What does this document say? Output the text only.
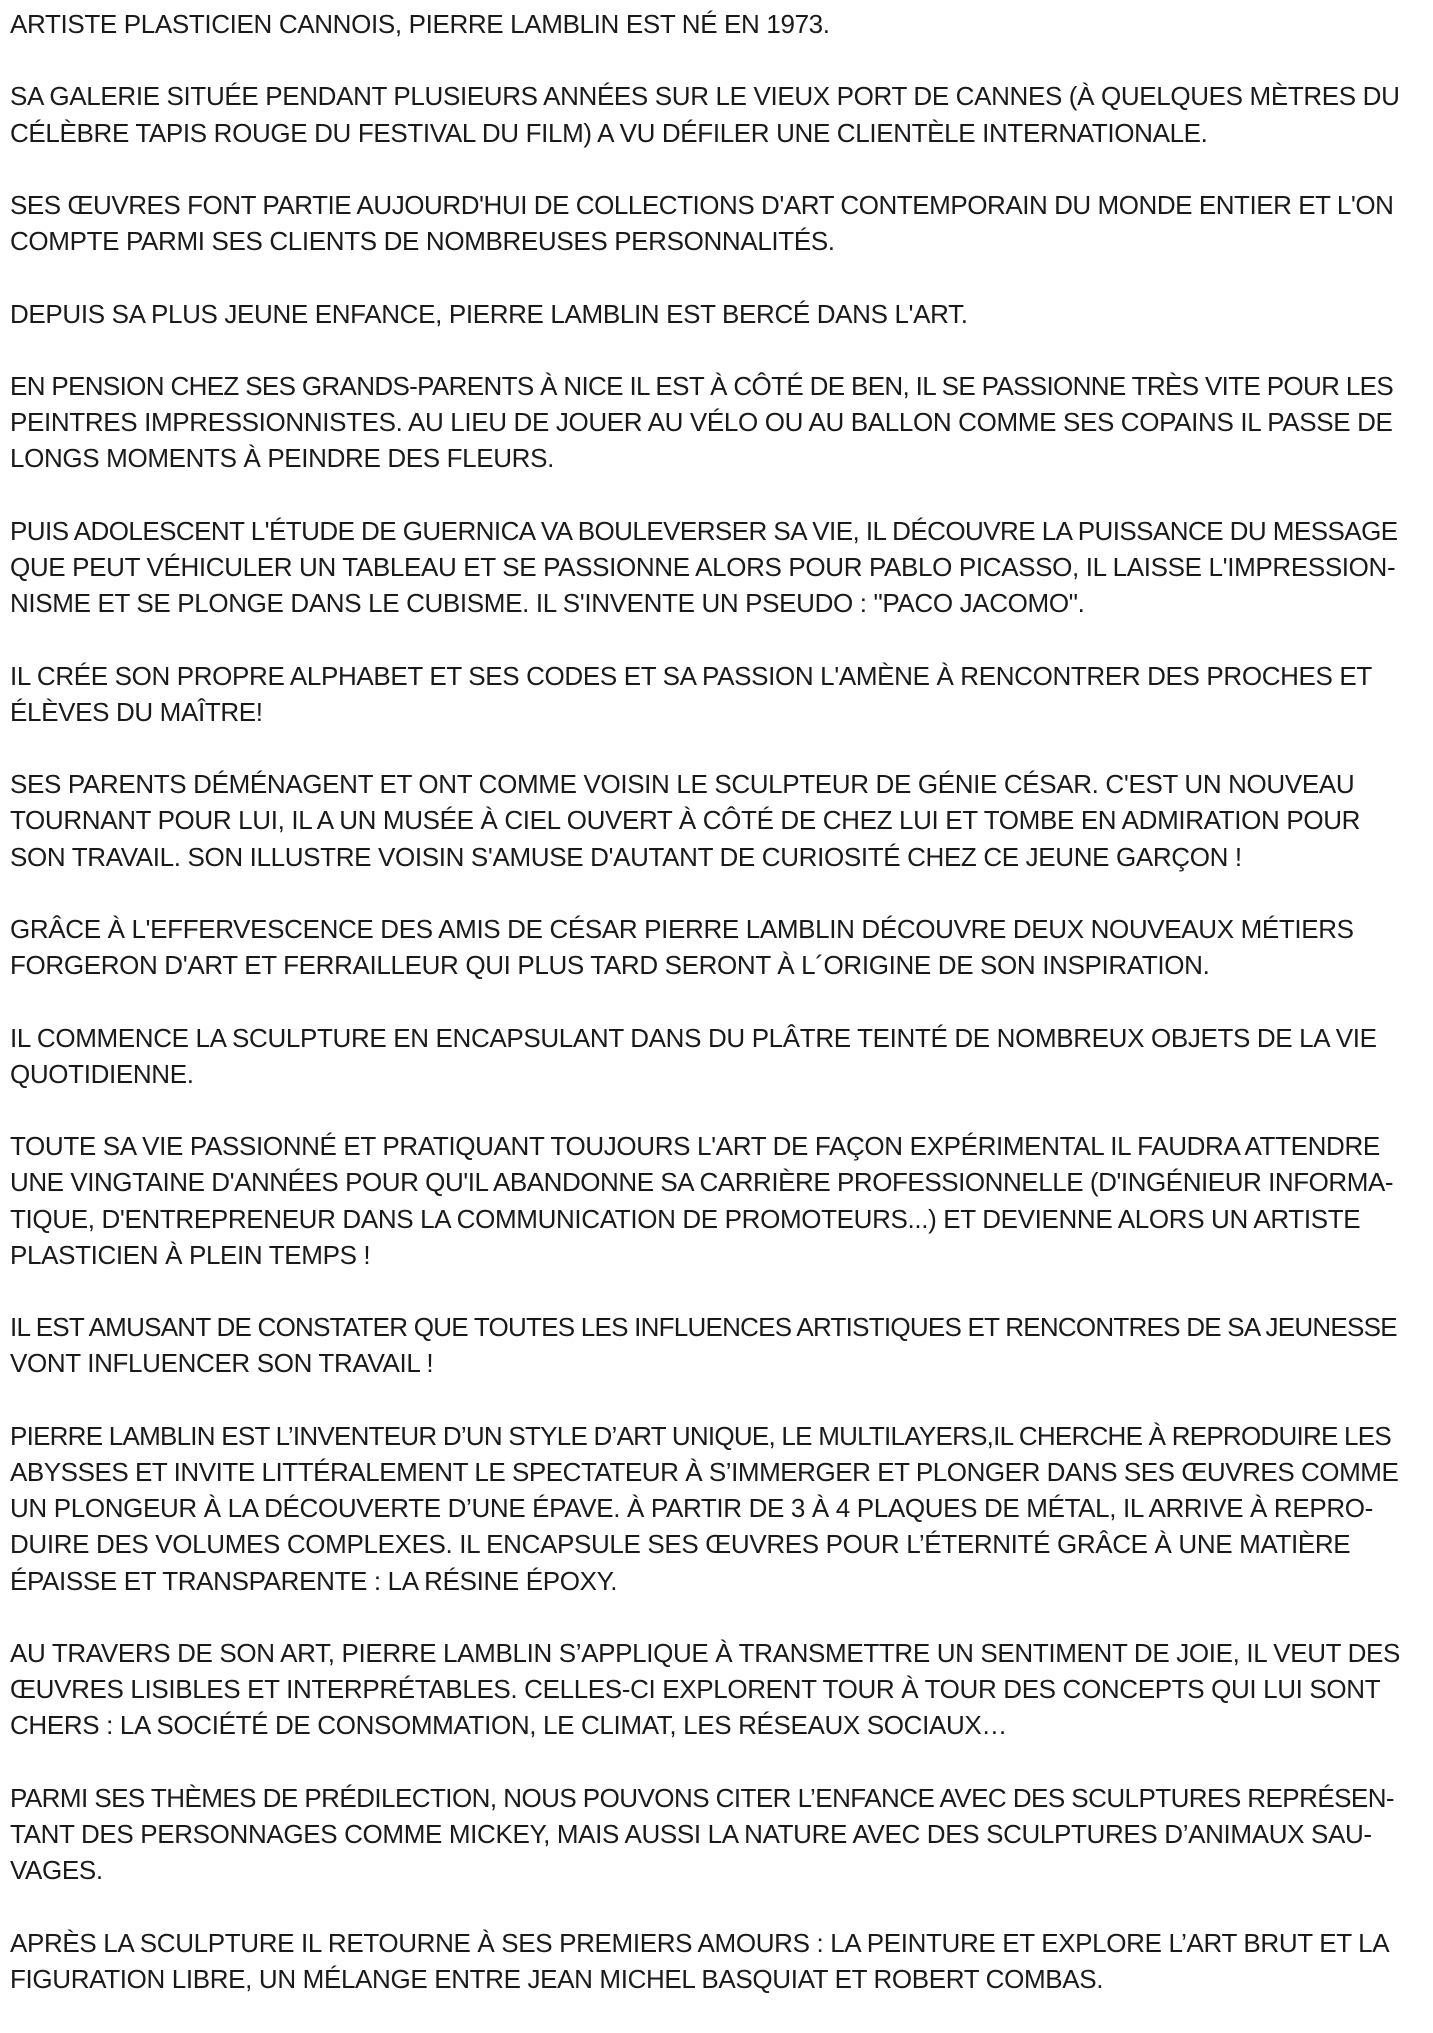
ARTISTE PLASTICIEN CANNOIS, PIERRE LAMBLIN EST NÉ EN 1973.

SA GALERIE SITUÉE PENDANT PLUSIEURS ANNÉES SUR LE VIEUX PORT DE CANNES (À QUELQUES MÈTRES DU
CÉLÈBRE TAPIS ROUGE DU FESTIVAL DU FILM) A VU DÉFILER UNE CLIENTÈLE INTERNATIONALE.

SES ŒUVRES FONT PARTIE AUJOURD'HUI DE COLLECTIONS D'ART CONTEMPORAIN DU MONDE ENTIER ET L'ON
COMPTE PARMI SES CLIENTS DE NOMBREUSES PERSONNALITÉS.

DEPUIS SA PLUS JEUNE ENFANCE, PIERRE LAMBLIN EST BERCÉ DANS L'ART.

EN PENSION CHEZ SES GRANDS-PARENTS À NICE IL EST À CÔTÉ DE BEN, IL SE PASSIONNE TRÈS VITE POUR LES
PEINTRES IMPRESSIONNISTES. AU LIEU DE JOUER AU VÉLO OU AU BALLON COMME SES COPAINS IL PASSE DE
LONGS MOMENTS À PEINDRE DES FLEURS.

PUIS ADOLESCENT L'ÉTUDE DE GUERNICA VA BOULEVERSER SA VIE, IL DÉCOUVRE LA PUISSANCE DU MESSAGE
QUE PEUT VÉHICULER UN TABLEAU ET SE PASSIONNE ALORS POUR PABLO PICASSO, IL LAISSE L'IMPRESSION-
NISME ET SE PLONGE DANS LE CUBISME. IL S'INVENTE UN PSEUDO : "PACO JACOMO".

IL CRÉE SON PROPRE ALPHABET ET SES CODES ET SA PASSION L'AMÈNE À RENCONTRER DES PROCHES ET
ÉLÈVES DU MAÎTRE!

SES PARENTS DÉMÉNAGENT ET ONT COMME VOISIN LE SCULPTEUR DE GÉNIE CÉSAR. C'EST UN NOUVEAU
TOURNANT POUR LUI, IL A UN MUSÉE À CIEL OUVERT À CÔTÉ DE CHEZ LUI ET TOMBE EN ADMIRATION POUR
SON TRAVAIL. SON ILLUSTRE VOISIN S'AMUSE D'AUTANT DE CURIOSITÉ CHEZ CE JEUNE GARÇON !

GRÂCE À L'EFFERVESCENCE DES AMIS DE CÉSAR PIERRE LAMBLIN DÉCOUVRE DEUX NOUVEAUX MÉTIERS
FORGERON D'ART ET FERRAILLEUR QUI PLUS TARD SERONT À L´ORIGINE DE SON INSPIRATION.

IL COMMENCE LA SCULPTURE EN ENCAPSULANT DANS DU PLÂTRE TEINTÉ DE NOMBREUX OBJETS DE LA VIE
QUOTIDIENNE.

TOUTE SA VIE PASSIONNÉ ET PRATIQUANT TOUJOURS L'ART DE FAÇON EXPÉRIMENTAL IL FAUDRA ATTENDRE
UNE VINGTAINE D'ANNÉES POUR QU'IL ABANDONNE SA CARRIÈRE PROFESSIONNELLE (D'INGÉNIEUR INFORMA-
TIQUE, D'ENTREPRENEUR DANS LA COMMUNICATION DE PROMOTEURS...) ET DEVIENNE ALORS UN ARTISTE
PLASTICIEN À PLEIN TEMPS !

IL EST AMUSANT DE CONSTATER QUE TOUTES LES INFLUENCES ARTISTIQUES ET RENCONTRES DE SA JEUNESSE
VONT INFLUENCER SON TRAVAIL !

PIERRE LAMBLIN EST L’INVENTEUR D’UN STYLE D’ART UNIQUE, LE MULTILAYERS,IL CHERCHE À REPRODUIRE LES
ABYSSES ET INVITE LITTÉRALEMENT LE SPECTATEUR À S’IMMERGER ET PLONGER DANS SES ŒUVRES COMME
UN PLONGEUR À LA DÉCOUVERTE D’UNE ÉPAVE. À PARTIR DE 3 À 4 PLAQUES DE MÉTAL, IL ARRIVE À REPRO-
DUIRE DES VOLUMES COMPLEXES. IL ENCAPSULE SES ŒUVRES POUR L’ÉTERNITÉ GRÂCE À UNE MATIÈRE
ÉPAISSE ET TRANSPARENTE : LA RÉSINE ÉPOXY.

AU TRAVERS DE SON ART, PIERRE LAMBLIN S’APPLIQUE À TRANSMETTRE UN SENTIMENT DE JOIE, IL VEUT DES
ŒUVRES LISIBLES ET INTERPRÉTABLES. CELLES-CI EXPLORENT TOUR À TOUR DES CONCEPTS QUI LUI SONT
CHERS : LA SOCIÉTÉ DE CONSOMMATION, LE CLIMAT, LES RÉSEAUX SOCIAUX…

PARMI SES THÈMES DE PRÉDILECTION, NOUS POUVONS CITER L’ENFANCE AVEC DES SCULPTURES REPRÉSEN-
TANT DES PERSONNAGES COMME MICKEY, MAIS AUSSI LA NATURE AVEC DES SCULPTURES D’ANIMAUX SAU-
VAGES.

APRÈS LA SCULPTURE IL RETOURNE À SES PREMIERS AMOURS : LA PEINTURE ET EXPLORE L’ART BRUT ET LA
FIGURATION LIBRE, UN MÉLANGE ENTRE JEAN MICHEL BASQUIAT ET ROBERT COMBAS.
